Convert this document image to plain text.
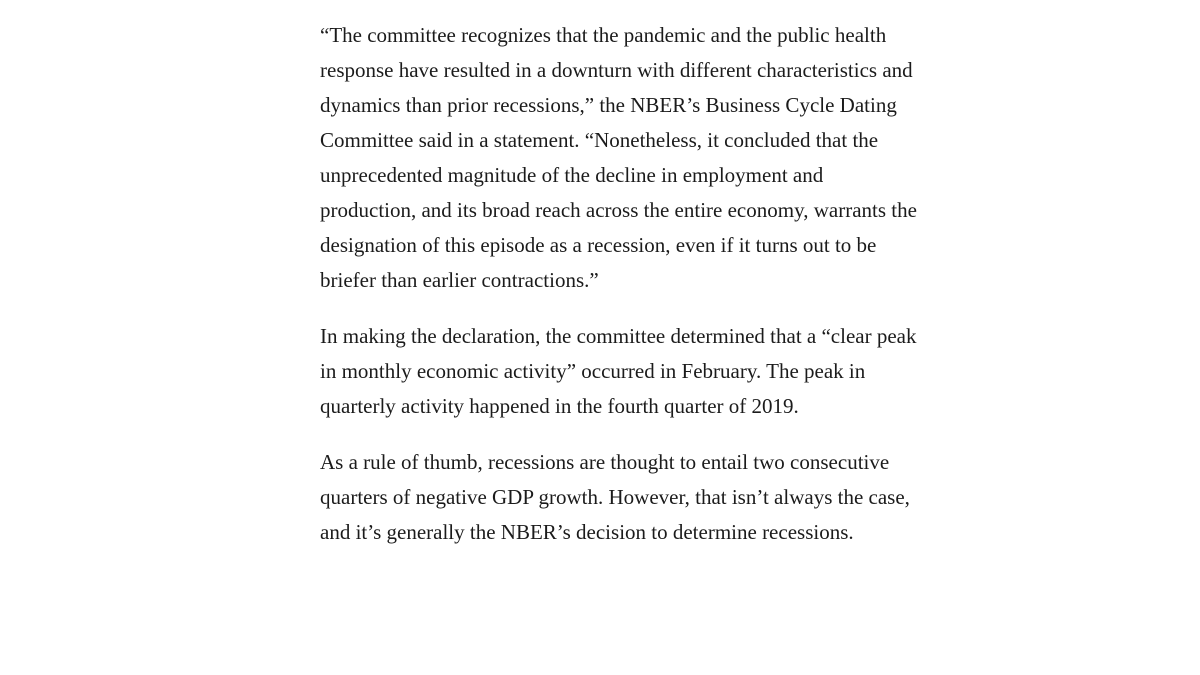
“The committee recognizes that the pandemic and the public health response have resulted in a downturn with different characteristics and dynamics than prior recessions,” the NBER’s Business Cycle Dating Committee said in a statement. “Nonetheless, it concluded that the unprecedented magnitude of the decline in employment and production, and its broad reach across the entire economy, warrants the designation of this episode as a recession, even if it turns out to be briefer than earlier contractions.”

In making the declaration, the committee determined that a “clear peak in monthly economic activity” occurred in February. The peak in quarterly activity happened in the fourth quarter of 2019.

As a rule of thumb, recessions are thought to entail two consecutive quarters of negative GDP growth. However, that isn’t always the case, and it’s generally the NBER’s decision to determine recessions.
